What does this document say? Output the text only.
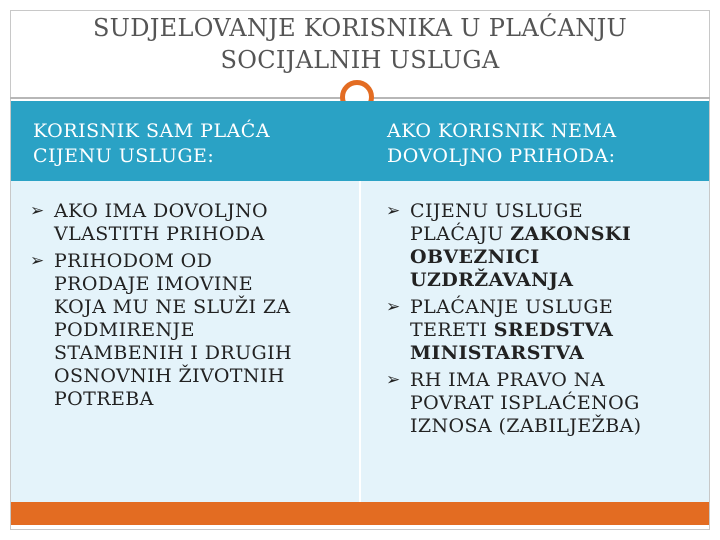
SUDJELOVANJE KORISNIKA U PLAĆANJU
SOCIJALNIH USLUGA
KORISNIK SAM PLAĆA
CIJENU USLUGE:
AKO KORISNIK NEMA
DOVOLJNO PRIHODA:
➢ AKO IMA DOVOLJNO
VLASTITH PRIHODA
➢ PRIHODOM OD
PRODAJE IMOVINE
KOJA MU NE SLUŽI ZA
PODMIRENJE
STAMBENIH I DRUGIH
OSNOVNIH ŽIVOTNIH
POTREBA
➢ CIJENU USLUGE
PLAĆAJU ZAKONSKI
OBVEZNICI
UZDRŽAVANJA
➢ PLAĆANJE USLUGE
TERETI SREDSTVA
MINISTARSTVA
➢ RH IMA PRAVO NA
POVRAT ISPLAĆENOG
IZNOSA (ZABILJEŽBA)
